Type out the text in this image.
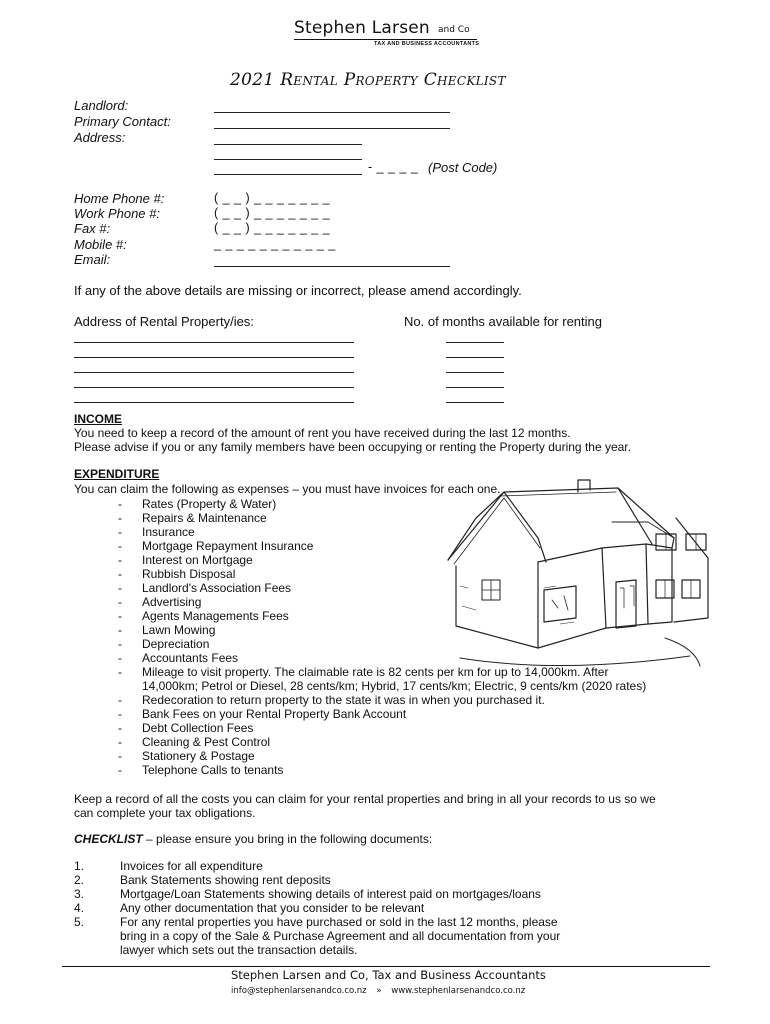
Stephen Larsen and Co
TAX AND BUSINESS ACCOUNTANTS
2021 Rental Property Checklist
Landlord:
Primary Contact:
Address:
- _ _ _ _ (Post Code)
Home Phone #:	( _ _ ) _ _ _ _ _ _ _
Work Phone #:	( _ _ ) _ _ _ _ _ _ _
Fax #:	( _ _ ) _ _ _ _ _ _ _
Mobile #:	_ _ _ _ _ _ _ _ _ _ _
Email:
If any of the above details are missing or incorrect, please amend accordingly.
Address of Rental Property/ies:	No. of months available for renting
INCOME
You need to keep a record of the amount of rent you have received during the last 12 months.
Please advise if you or any family members have been occupying or renting the Property during the year.
EXPENDITURE
You can claim the following as expenses – you must have invoices for each one.
- Rates (Property & Water)
- Repairs & Maintenance
- Insurance
- Mortgage Repayment Insurance
- Interest on Mortgage
- Rubbish Disposal
- Landlord's Association Fees
- Advertising
- Agents Managements Fees
- Lawn Mowing
- Depreciation
- Accountants Fees
- Mileage to visit property. The claimable rate is 82 cents per km for up to 14,000km. After
14,000km; Petrol or Diesel, 28 cents/km; Hybrid, 17 cents/km; Electric, 9 cents/km (2020 rates)
- Redecoration to return property to the state it was in when you purchased it.
- Bank Fees on your Rental Property Bank Account
- Debt Collection Fees
- Cleaning & Pest Control
- Stationery & Postage
- Telephone Calls to tenants
Keep a record of all the costs you can claim for your rental properties and bring in all your records to us so we
can complete your tax obligations.
CHECKLIST – please ensure you bring in the following documents:
1.	Invoices for all expenditure
2.	Bank Statements showing rent deposits
3.	Mortgage/Loan Statements showing details of interest paid on mortgages/loans
4.	Any other documentation that you consider to be relevant
5.	For any rental properties you have purchased or sold in the last 12 months, please
bring in a copy of the Sale & Purchase Agreement and all documentation from your
lawyer which sets out the transaction details.
Stephen Larsen and Co, Tax and Business Accountants
info@stephenlarsenandco.co.nz » www.stephenlarsenandco.co.nz
